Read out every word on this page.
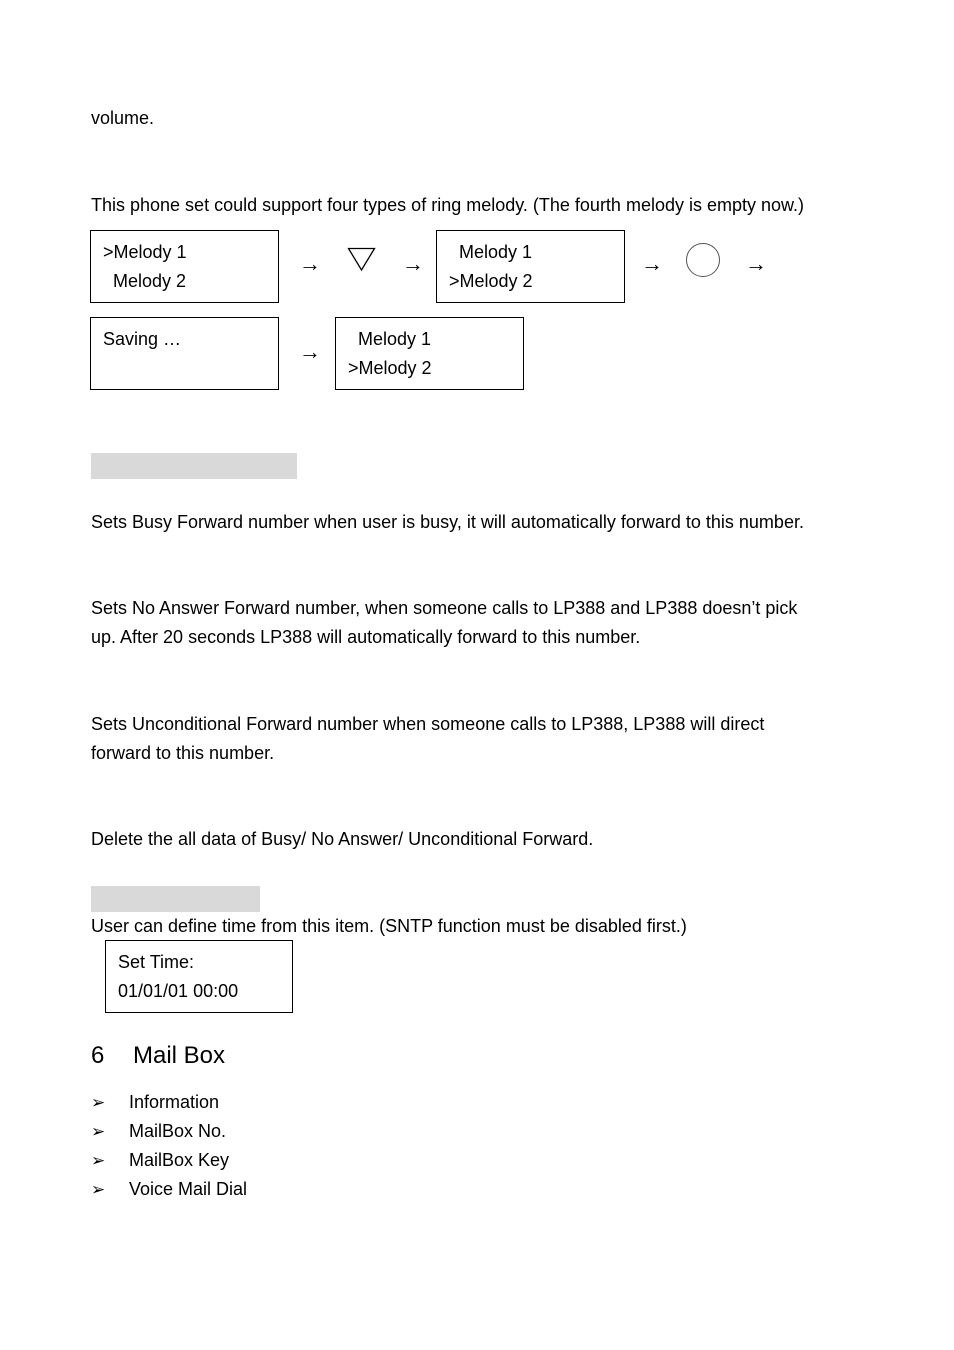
volume.
This phone set could support four types of ring melody. (The fourth melody is empty now.)
>Melody 1
Melody 2
→	→ Melody 1
>Melody 2
→	→
Saving …	→ Melody 1
>Melody 2
Sets Busy Forward number when user is busy, it will automatically forward to this number.
Sets No Answer Forward number, when someone calls to LP388 and LP388 doesn’t pick
up. After 20 seconds LP388 will automatically forward to this number.
Sets Unconditional Forward number when someone calls to LP388, LP388 will direct
forward to this number.
Delete the all data of Busy/ No Answer/ Unconditional Forward.
User can define time from this item. (SNTP function must be disabled first.)
Set Time:
01/01/01 00:00
6 Mail Box
➢ Information
➢ MailBox No.
➢ MailBox Key
➢ Voice Mail Dial
